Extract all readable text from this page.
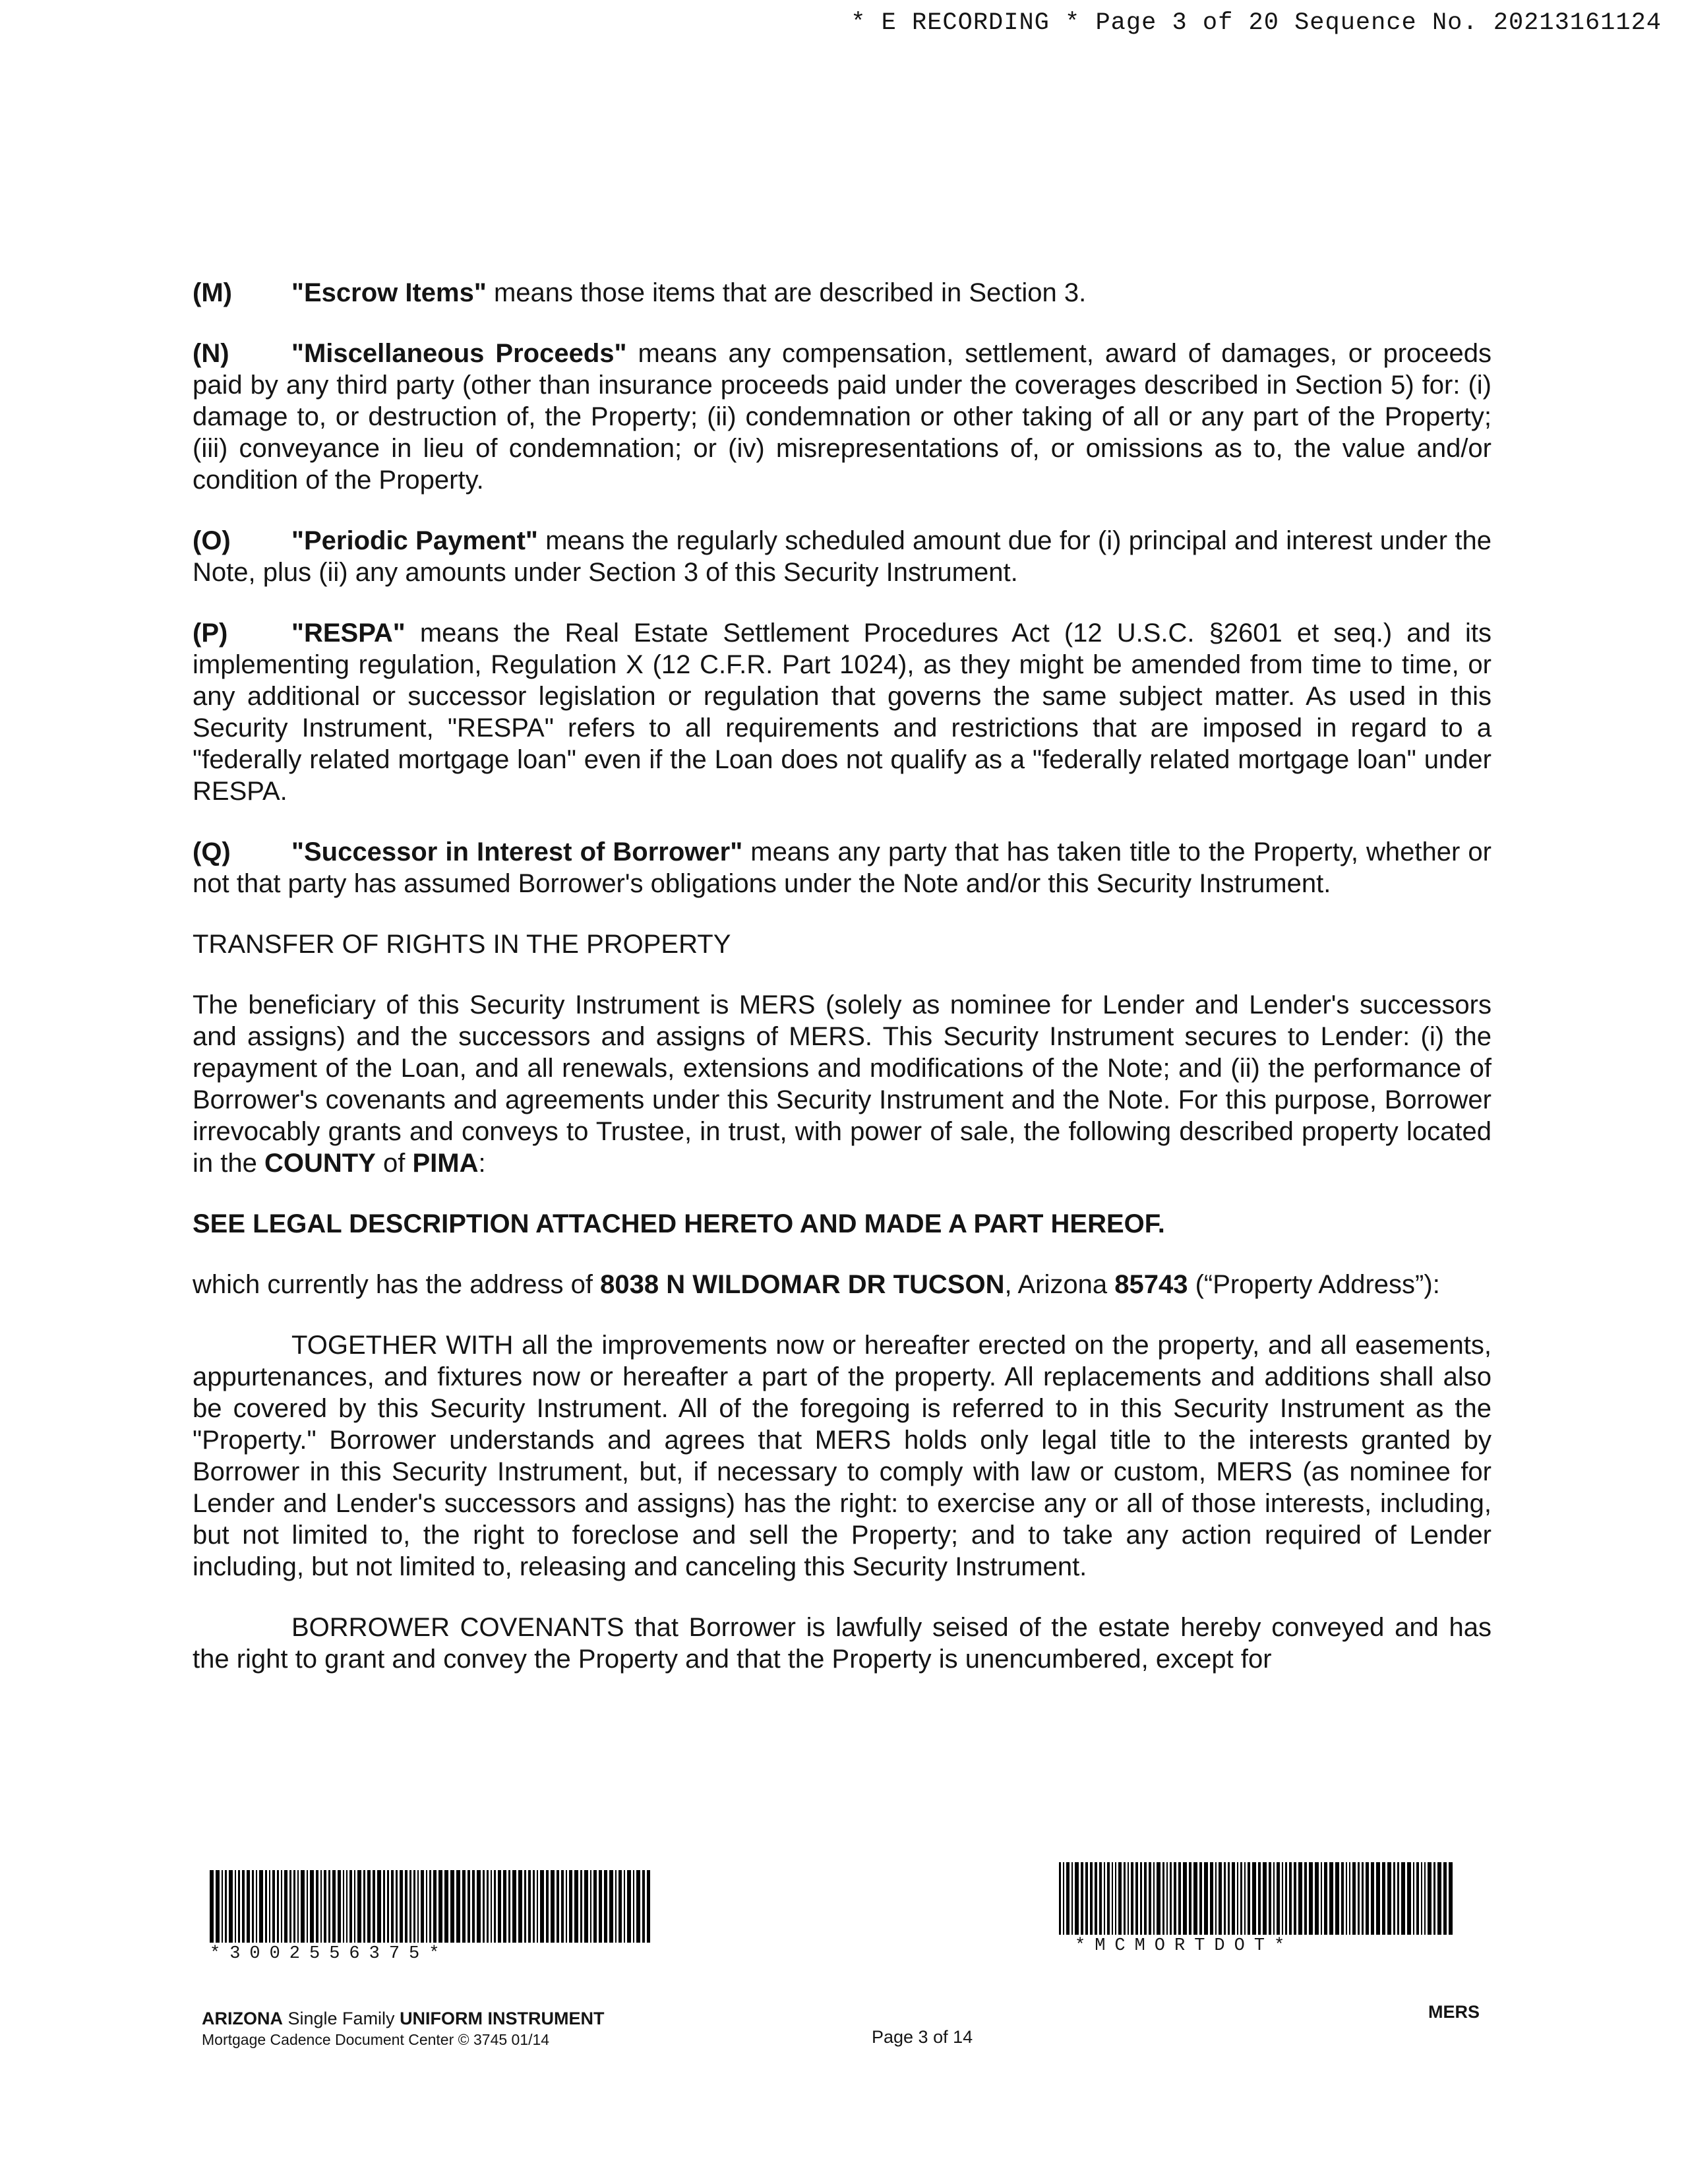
* E RECORDING * Page 3 of 20 Sequence No. 20213161124

(M) "Escrow Items" means those items that are described in Section 3.

(N) "Miscellaneous Proceeds" means any compensation, settlement, award of damages, or proceeds paid by any third party (other than insurance proceeds paid under the coverages described in Section 5) for: (i) damage to, or destruction of, the Property; (ii) condemnation or other taking of all or any part of the Property; (iii) conveyance in lieu of condemnation; or (iv) misrepresentations of, or omissions as to, the value and/or condition of the Property.

(O) "Periodic Payment" means the regularly scheduled amount due for (i) principal and interest under the Note, plus (ii) any amounts under Section 3 of this Security Instrument.

(P) "RESPA" means the Real Estate Settlement Procedures Act (12 U.S.C. §2601 et seq.) and its implementing regulation, Regulation X (12 C.F.R. Part 1024), as they might be amended from time to time, or any additional or successor legislation or regulation that governs the same subject matter. As used in this Security Instrument, "RESPA" refers to all requirements and restrictions that are imposed in regard to a "federally related mortgage loan" even if the Loan does not qualify as a "federally related mortgage loan" under RESPA.

(Q) "Successor in Interest of Borrower" means any party that has taken title to the Property, whether or not that party has assumed Borrower's obligations under the Note and/or this Security Instrument.

TRANSFER OF RIGHTS IN THE PROPERTY

The beneficiary of this Security Instrument is MERS (solely as nominee for Lender and Lender's successors and assigns) and the successors and assigns of MERS. This Security Instrument secures to Lender: (i) the repayment of the Loan, and all renewals, extensions and modifications of the Note; and (ii) the performance of Borrower's covenants and agreements under this Security Instrument and the Note. For this purpose, Borrower irrevocably grants and conveys to Trustee, in trust, with power of sale, the following described property located in the COUNTY of PIMA:

SEE LEGAL DESCRIPTION ATTACHED HERETO AND MADE A PART HEREOF.

which currently has the address of 8038 N WILDOMAR DR TUCSON, Arizona 85743 (“Property Address”):

TOGETHER WITH all the improvements now or hereafter erected on the property, and all easements, appurtenances, and fixtures now or hereafter a part of the property. All replacements and additions shall also be covered by this Security Instrument. All of the foregoing is referred to in this Security Instrument as the "Property." Borrower understands and agrees that MERS holds only legal title to the interests granted by Borrower in this Security Instrument, but, if necessary to comply with law or custom, MERS (as nominee for Lender and Lender's successors and assigns) has the right: to exercise any or all of those interests, including, but not limited to, the right to foreclose and sell the Property; and to take any action required of Lender including, but not limited to, releasing and canceling this Security Instrument.

BORROWER COVENANTS that Borrower is lawfully seised of the estate hereby conveyed and has the right to grant and convey the Property and that the Property is unencumbered, except for

*3002556375*	*MCMORTDOT*
ARIZONA Single Family UNIFORM INSTRUMENT
Mortgage Cadence Document Center © 3745 01/14	Page 3 of 14
MERS
